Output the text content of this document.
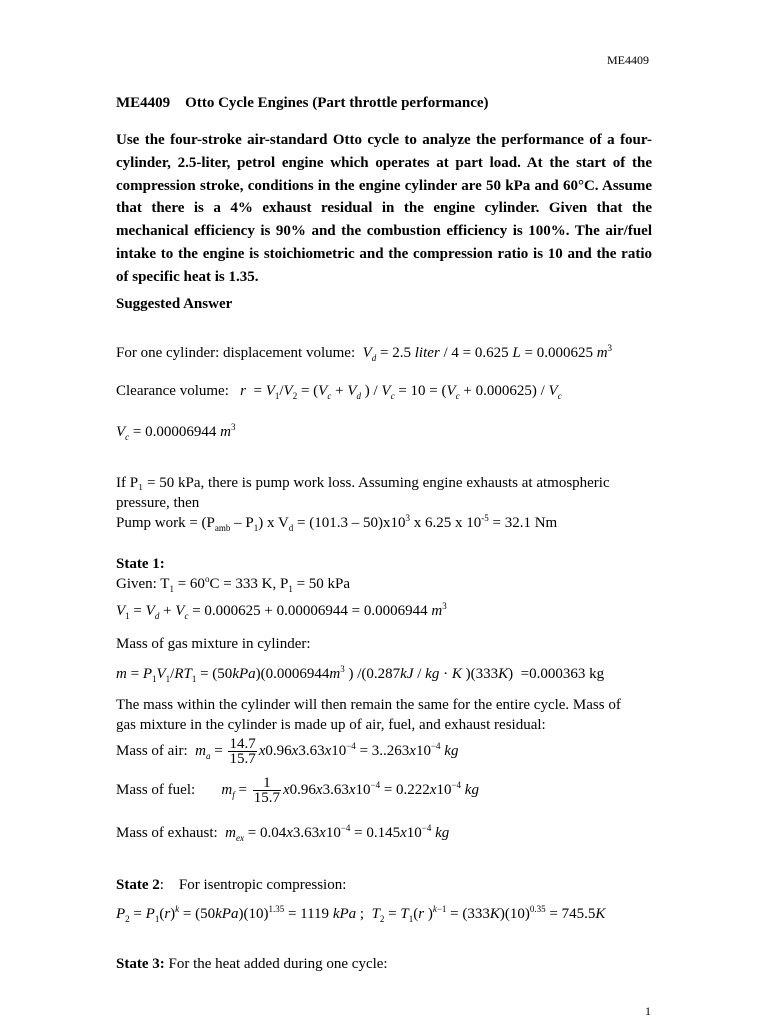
ME4409
ME4409    Otto Cycle Engines (Part throttle performance)
Use the four-stroke air-standard Otto cycle to analyze the performance of a four-cylinder, 2.5-liter, petrol engine which operates at part load. At the start of the compression stroke, conditions in the engine cylinder are 50 kPa and 60°C. Assume that there is a 4% exhaust residual in the engine cylinder. Given that the mechanical efficiency is 90% and the combustion efficiency is 100%. The air/fuel intake to the engine is stoichiometric and the compression ratio is 10 and the ratio of specific heat is 1.35.
Suggested Answer
For one cylinder: displacement volume: $V_d = 2.5$ liter / 4 = 0.625 L = 0.000625 $m^3$
Clearance volume: $r = V_1/V_2 = (V_c + V_d$ ) / $V_c = 10 = (V_c + 0.000625) / V_c$
$V_c = 0.00006944$ $m^3$
If P₁ = 50 kPa, there is pump work loss. Assuming engine exhausts at atmospheric
pressure, then
Pump work = $(P_{amb} - P_1)$ x $V_d = (101.3 - 50)x10^3$ x 6.25 x $10^{-5} = 32.1$ Nm
State 1:
Given: $T_1 = 60^oC = 333$ K, $P_1 = 50$ kPa
$V_1 = V_d + V_c = 0.000625 + 0.00006944 = 0.0006944$ $m^3$
Mass of gas mixture in cylinder:
$m = P_1V_1/RT_1 = (50kPa)(0.0006944m^3$ ) /(0.287kJ / kg · K )(333K)  =0.000363 kg
The mass within the cylinder will then remain the same for the entire cycle. Mass of
gas mixture in the cylinder is made up of air, fuel, and exhaust residual:
Mass of air: $m_a = \frac{14.7}{15.7} x0.96x3.63x10^{-4} = 3..263x10^{-4}$ kg
Mass of fuel: $m_f = \frac{1}{15.7} x0.96x3.63x10^{-4} = 0.222x10^{-4}$ kg
Mass of exhaust: $m_{ex} = 0.04x3.63x10^{-4} = 0.145x10^{-4}$ kg
State 2:    For isentropic compression:
$P_2 = P_1(r)^k = (50kPa)(10)^{1.35} = 1119$ kPa ;  $T_2 = T_1(r$ )$^{k-1} = (333K)(10)^{0.35} = 745.5K$
State 3: For the heat added during one cycle:
1
